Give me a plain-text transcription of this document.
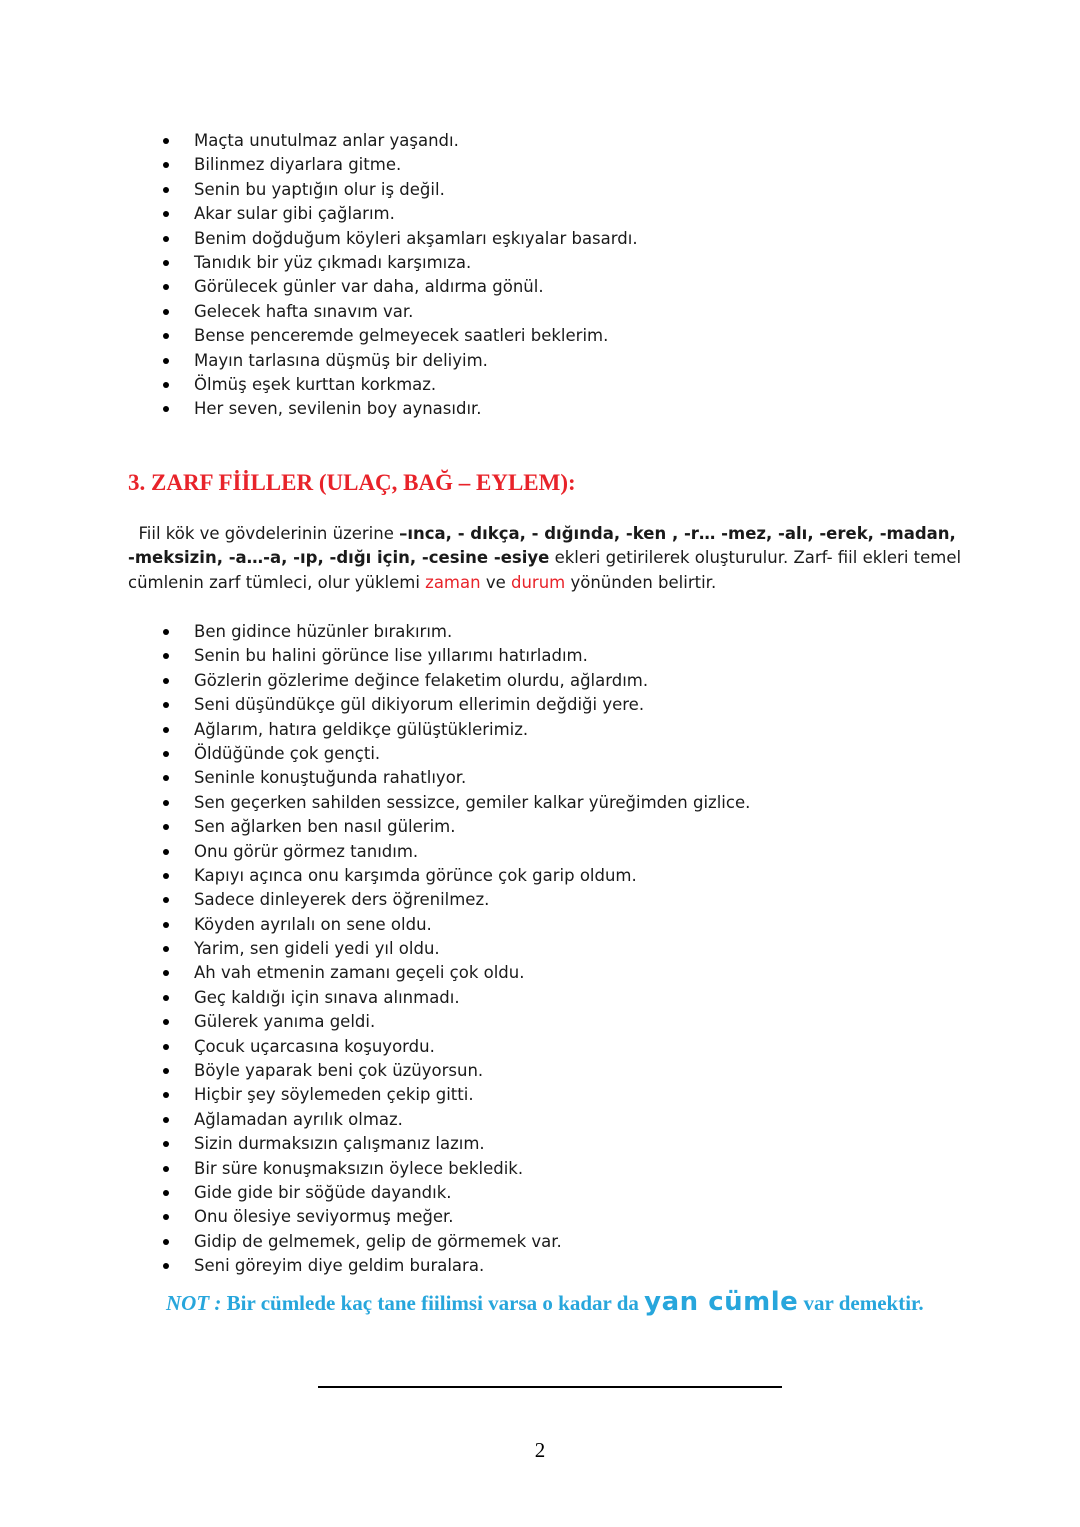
Maçta unutulmaz anlar yaşandı.
Bilinmez diyarlara gitme.
Senin bu yaptığın olur iş değil.
Akar sular gibi çağlarım.
Benim doğduğum köyleri akşamları eşkıyalar basardı.
Tanıdık bir yüz çıkmadı karşımıza.
Görülecek günler var daha, aldırma gönül.
Gelecek hafta sınavım var.
Bense penceremde gelmeyecek saatleri beklerim.
Mayın tarlasına düşmüş bir deliyim.
Ölmüş eşek kurttan korkmaz.
Her seven, sevilenin boy aynasıdır.
3. ZARF FİİLLER (ULAÇ, BAĞ – EYLEM):

Fiil kök ve gövdelerinin üzerine –ınca, - dıkça, - dığında, -ken , -r… -mez, -alı, -erek, -madan,
-meksizin, -a…-a, -ıp, -dığı için, -cesine -esiye ekleri getirilerek oluşturulur. Zarf- fiil ekleri temel
cümlenin zarf tümleci, olur yüklemi zaman ve durum yönünden belirtir.

Ben gidince hüzünler bırakırım.
Senin bu halini görünce lise yıllarımı hatırladım.
Gözlerin gözlerime değince felaketim olurdu, ağlardım.
Seni düşündükçe gül dikiyorum ellerimin değdiği yere.
Ağlarım, hatıra geldikçe gülüştüklerimiz.
Öldüğünde çok gençti.
Seninle konuştuğunda rahatlıyor.
Sen geçerken sahilden sessizce, gemiler kalkar yüreğimden gizlice.
Sen ağlarken ben nasıl gülerim.
Onu görür görmez tanıdım.
Kapıyı açınca onu karşımda görünce çok garip oldum.
Sadece dinleyerek ders öğrenilmez.
Köyden ayrılalı on sene oldu.
Yarim, sen gideli yedi yıl oldu.
Ah vah etmenin zamanı geçeli çok oldu.
Geç kaldığı için sınava alınmadı.
Gülerek yanıma geldi.
Çocuk uçarcasına koşuyordu.
Böyle yaparak beni çok üzüyorsun.
Hiçbir şey söylemeden çekip gitti.
Ağlamadan ayrılık olmaz.
Sizin durmaksızın çalışmanız lazım.
Bir süre konuşmaksızın öylece bekledik.
Gide gide bir söğüde dayandık.
Onu ölesiye seviyormuş meğer.
Gidip de gelmemek, gelip de görmemek var.
Seni göreyim diye geldim buralara.

NOT : Bir cümlede kaç tane fiilimsi varsa o kadar da yan cümle var demektir.

2
